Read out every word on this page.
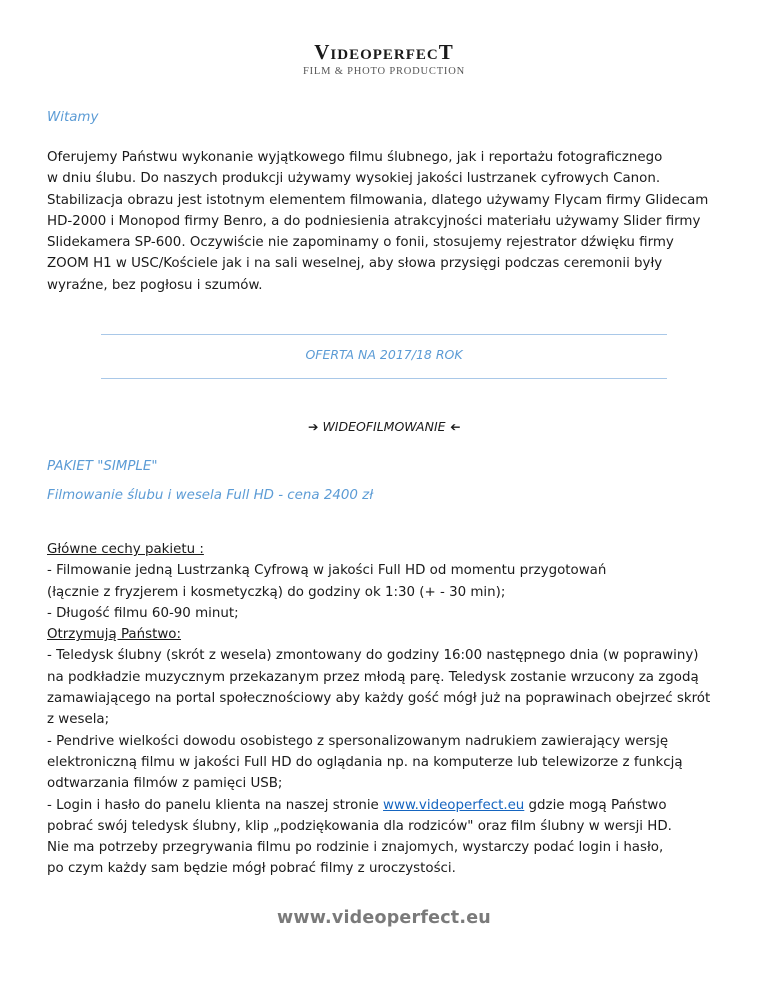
VideoperfecT
FILM & PHOTO PRODUCTION
Witamy
Oferujemy Państwu wykonanie wyjątkowego filmu ślubnego, jak i reportażu fotograficznego
w dniu ślubu. Do naszych produkcji używamy wysokiej jakości lustrzanek cyfrowych Canon.
Stabilizacja obrazu jest istotnym elementem filmowania, dlatego używamy Flycam firmy Glidecam
HD-2000 i Monopod firmy Benro, a do podniesienia atrakcyjności materiału używamy Slider firmy
Slidekamera SP-600. Oczywiście nie zapominamy o fonii, stosujemy rejestrator dźwięku firmy
ZOOM H1 w USC/Kościele jak i na sali weselnej, aby słowa przysięgi podczas ceremonii były
wyraźne, bez pogłosu i szumów.
OFERTA NA 2017/18 ROK
➔ WIDEOFILMOWANIE ➔
PAKIET "SIMPLE"
Filmowanie ślubu i wesela Full HD - cena 2400 zł
Główne cechy pakietu :
- Filmowanie jedną Lustrzanką Cyfrową w jakości Full HD od momentu przygotowań
(łącznie z fryzjerem i kosmetyczką) do godziny ok 1:30 (+ - 30 min);
- Długość filmu 60-90 minut;
Otrzymują Państwo:
- Teledysk ślubny (skrót z wesela) zmontowany do godziny 16:00 następnego dnia (w poprawiny)
na podkładzie muzycznym przekazanym przez młodą parę. Teledysk zostanie wrzucony za zgodą
zamawiającego na portal społecznościowy aby każdy gość mógł już na poprawinach obejrzeć skrót
z wesela;
- Pendrive wielkości dowodu osobistego z spersonalizowanym nadrukiem zawierający wersję
elektroniczną filmu w jakości Full HD do oglądania np. na komputerze lub telewizorze z funkcją
odtwarzania filmów z pamięci USB;
- Login i hasło do panelu klienta na naszej stronie www.videoperfect.eu gdzie mogą Państwo
pobrać swój teledysk ślubny, klip „podziękowania dla rodziców" oraz film ślubny w wersji HD.
Nie ma potrzeby przegrywania filmu po rodzinie i znajomych, wystarczy podać login i hasło,
po czym każdy sam będzie mógł pobrać filmy z uroczystości.
www.videoperfect.eu
